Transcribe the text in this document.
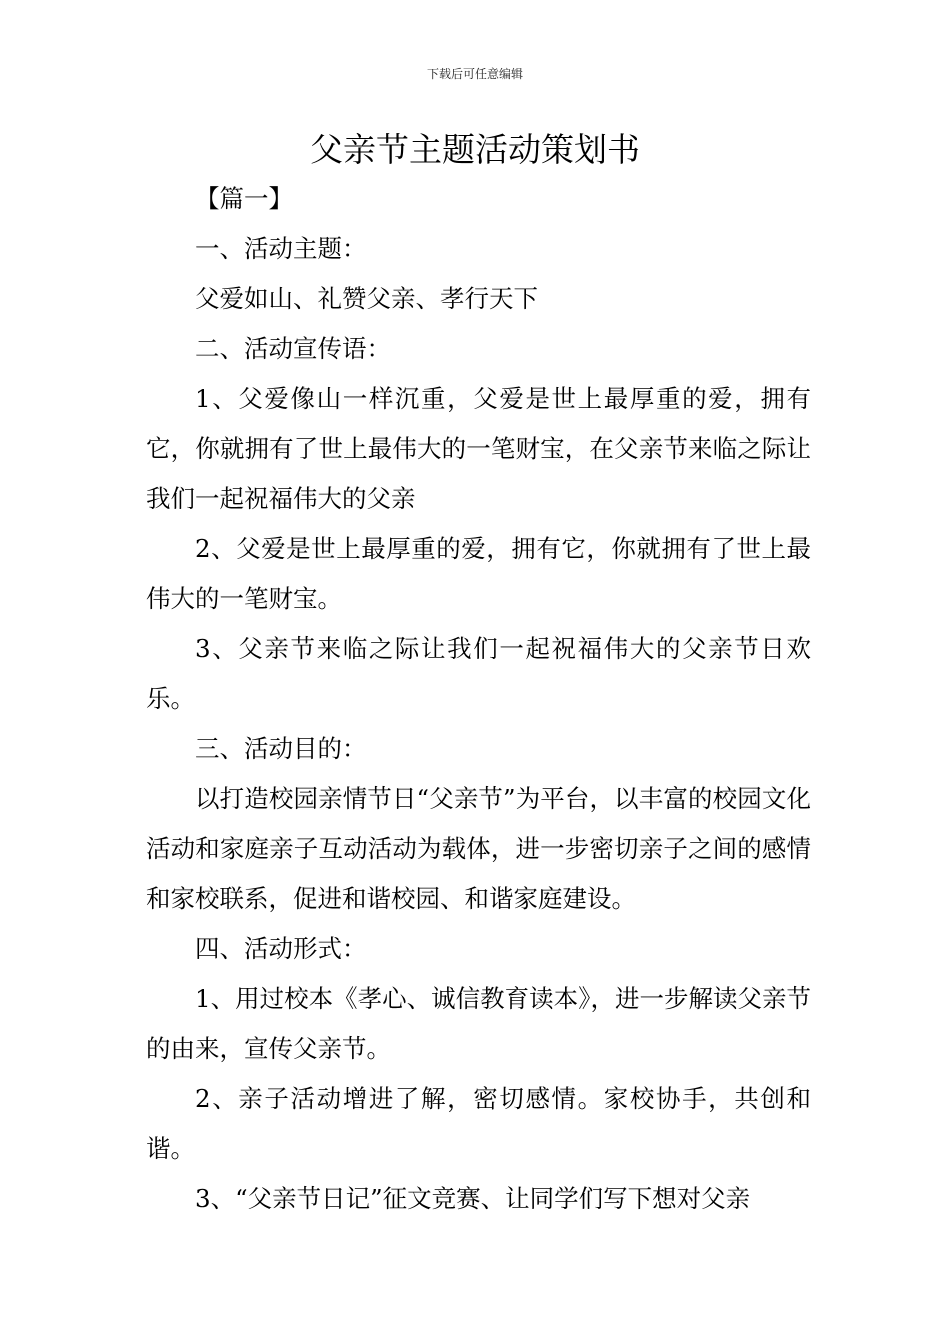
下载后可任意编辑
父亲节主题活动策划书

【篇一】

一、活动主题：

父爱如山、礼赞父亲、孝行天下

二、活动宣传语：

1、父爱像山一样沉重，父爱是世上最厚重的爱，拥有它，你就拥有了世上最伟大的一笔财宝，在父亲节来临之际让我们一起祝福伟大的父亲

2、父爱是世上最厚重的爱，拥有它，你就拥有了世上最伟大的一笔财宝。

3、父亲节来临之际让我们一起祝福伟大的父亲节日欢乐。

三、活动目的：

以打造校园亲情节日“父亲节”为平台，以丰富的校园文化活动和家庭亲子互动活动为载体，进一步密切亲子之间的感情和家校联系，促进和谐校园、和谐家庭建设。

四、活动形式：

1、用过校本《孝心、诚信教育读本》，进一步解读父亲节的由来，宣传父亲节。

2、亲子活动增进了解，密切感情。家校协手，共创和谐。

3、“父亲节日记”征文竞赛、让同学们写下想对父亲
